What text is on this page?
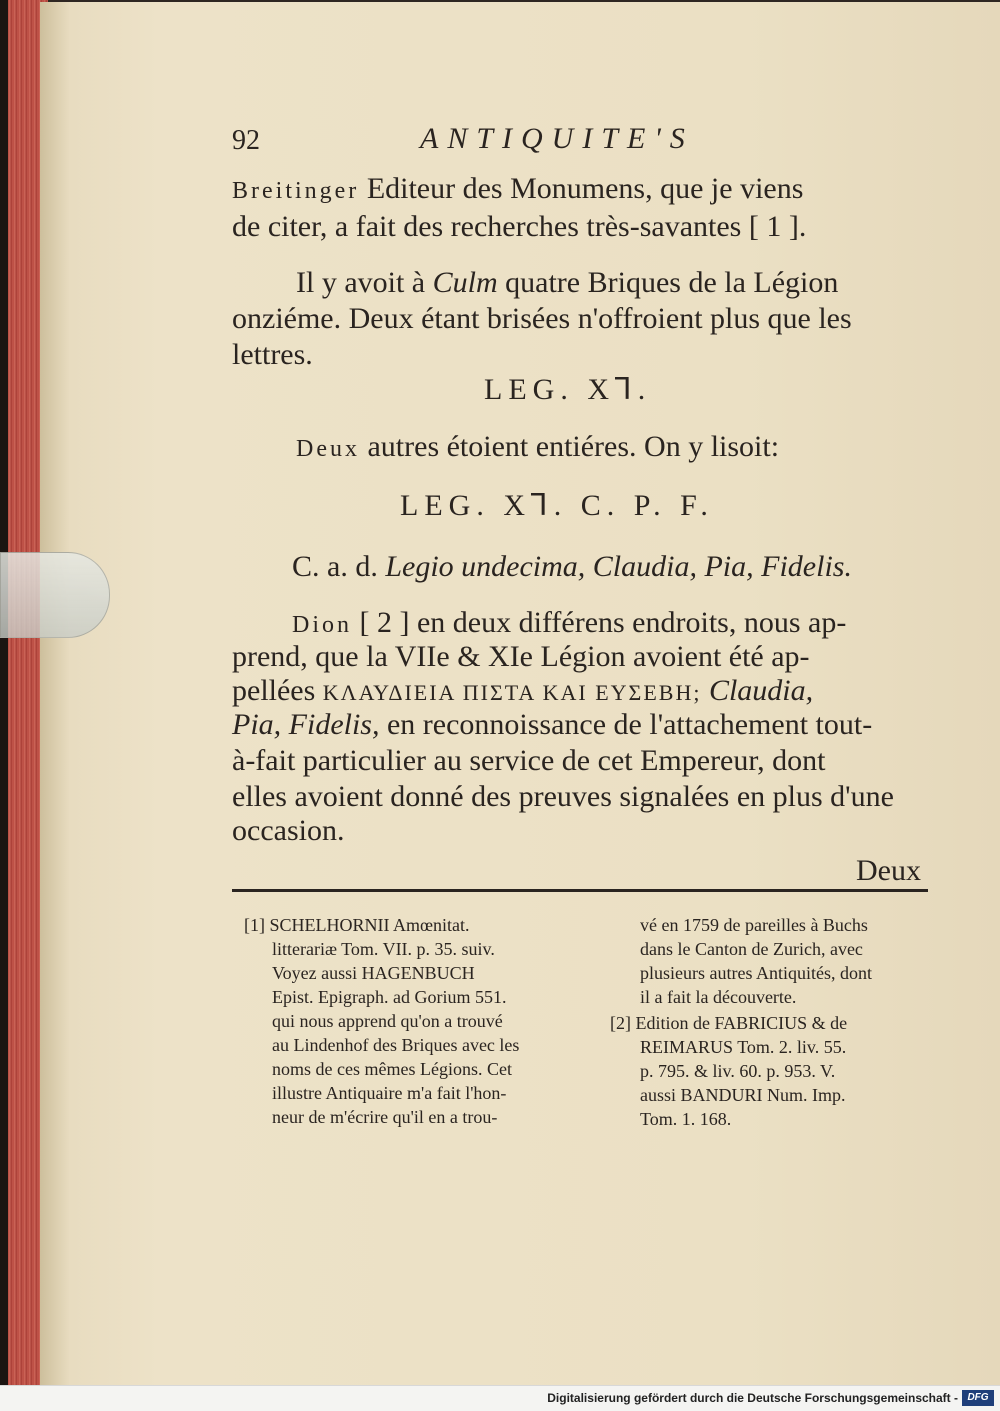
92	ANTIQUITE'S
Breitinger Editeur des Monumens, que je viens
de citer, a fait des recherches très-savantes [ 1 ].
Il y avoit à Culm quatre Briques de la Légion
onziéme. Deux étant brisées n'offroient plus que les
lettres.
LEG. X⅂.
Deux autres étoient entiéres. On y lisoit:
LEG. X⅂. C. P. F.
C. a. d. Legio undecima, Claudia, Pia, Fidelis.
Dion [ 2 ] en deux différens endroits, nous ap-
prend, que la VIIe & XIe Légion avoient été ap-
pellées ΚΛΑΥΔΙΕΙΑ ΠΙΣΤΑ ΚΑΙ ΕΥΣΕΒΗ; Claudia,
Pia, Fidelis, en reconnoissance de l'attachement tout-
à-fait particulier au service de cet Empereur, dont
elles avoient donné des preuves signalées en plus d'une
occasion.
Deux
[1] SCHELHORNII Amœnitat.
litterariæ Tom. VII. p. 35. suiv.
Voyez aussi HAGENBUCH
Epist. Epigraph. ad Gorium 551.
qui nous apprend qu'on a trouvé
au Lindenhof des Briques avec les
noms de ces mêmes Légions. Cet
illustre Antiquaire m'a fait l'hon-
neur de m'écrire qu'il en a trou-
vé en 1759 de pareilles à Buchs
dans le Canton de Zurich, avec
plusieurs autres Antiquités, dont
il a fait la découverte.
[2] Edition de FABRICIUS & de
REIMARUS Tom. 2. liv. 55.
p. 795. & liv. 60. p. 953. V.
aussi BANDURI Num. Imp.
Tom. 1. 168.
Digitalisierung gefördert durch die Deutsche Forschungsgemeinschaft - DFG
